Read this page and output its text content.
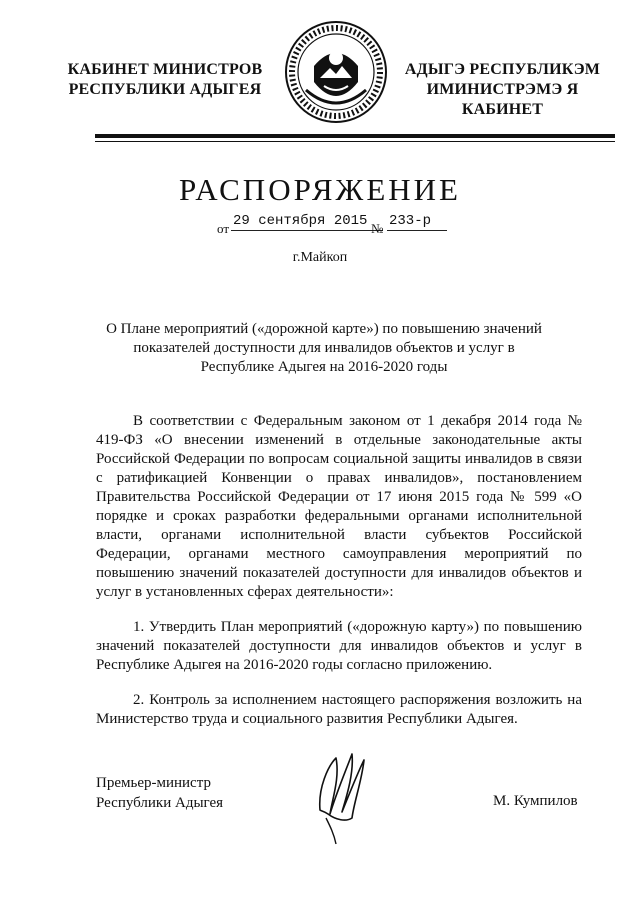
КАБИНЕТ МИНИСТРОВ
РЕСПУБЛИКИ АДЫГЕЯ
АДЫГЭ РЕСПУБЛИКЭМ
ИМИНИСТРЭМЭ Я КАБИНЕТ
РАСПОРЯЖЕНИЕ
от 29 сентября 2015 № 233-р
г.Майкоп
О Плане мероприятий («дорожной карте») по повышению значений показателей доступности для инвалидов объектов и услуг в Республике Адыгея на 2016-2020 годы

В соответствии с Федеральным законом от 1 декабря 2014 года № 419-ФЗ «О внесении изменений в отдельные законодательные акты Российской Федерации по вопросам социальной защиты инвалидов в связи с ратификацией Конвенции о правах инвалидов», постановлением Правительства Российской Федерации от 17 июня 2015 года № 599 «О порядке и сроках разработки федеральными органами исполнительной власти, органами исполнительной власти субъектов Российской Федерации, органами местного самоуправления мероприятий по повышению значений показателей доступности для инвалидов объектов и услуг в установленных сферах деятельности»:

1. Утвердить План мероприятий («дорожную карту») по повышению значений показателей доступности для инвалидов объектов и услуг в Республике Адыгея на 2016-2020 годы согласно приложению.

2. Контроль за исполнением настоящего распоряжения возложить на Министерство труда и социального развития Республики Адыгея.

Премьер-министр
Республики Адыгея	М. Кумпилов
